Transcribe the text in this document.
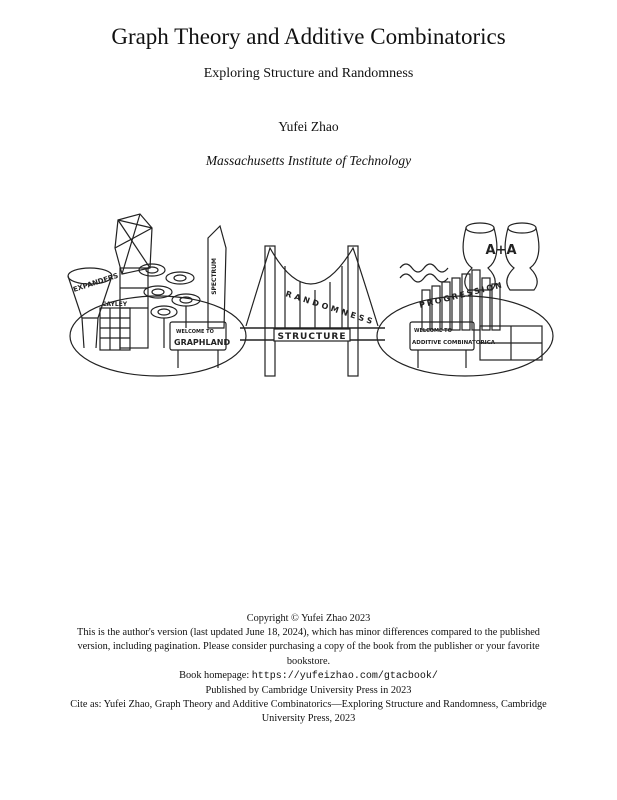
Graph Theory and Additive Combinatorics
Exploring Structure and Randomness
Yufei Zhao
Massachusetts Institute of Technology
EXPANDERS
CAYLEY
SPECTRUM
WELCOME TO
GRAPHLAND
RANDOMNESS
STRUCTURE
A+A
PROGRESSION
WELCOME TO
ADDITIVE COMBINATORICA
Copyright © Yufei Zhao 2023
This is the author's version (last updated June 18, 2024), which has minor differences compared to the published version, including pagination. Please consider purchasing a copy of the book from the publisher or your favorite bookstore.
Book homepage: https://yufeizhao.com/gtacbook/
Published by Cambridge University Press in 2023
Cite as: Yufei Zhao, Graph Theory and Additive Combinatorics—Exploring Structure and Randomness, Cambridge University Press, 2023
